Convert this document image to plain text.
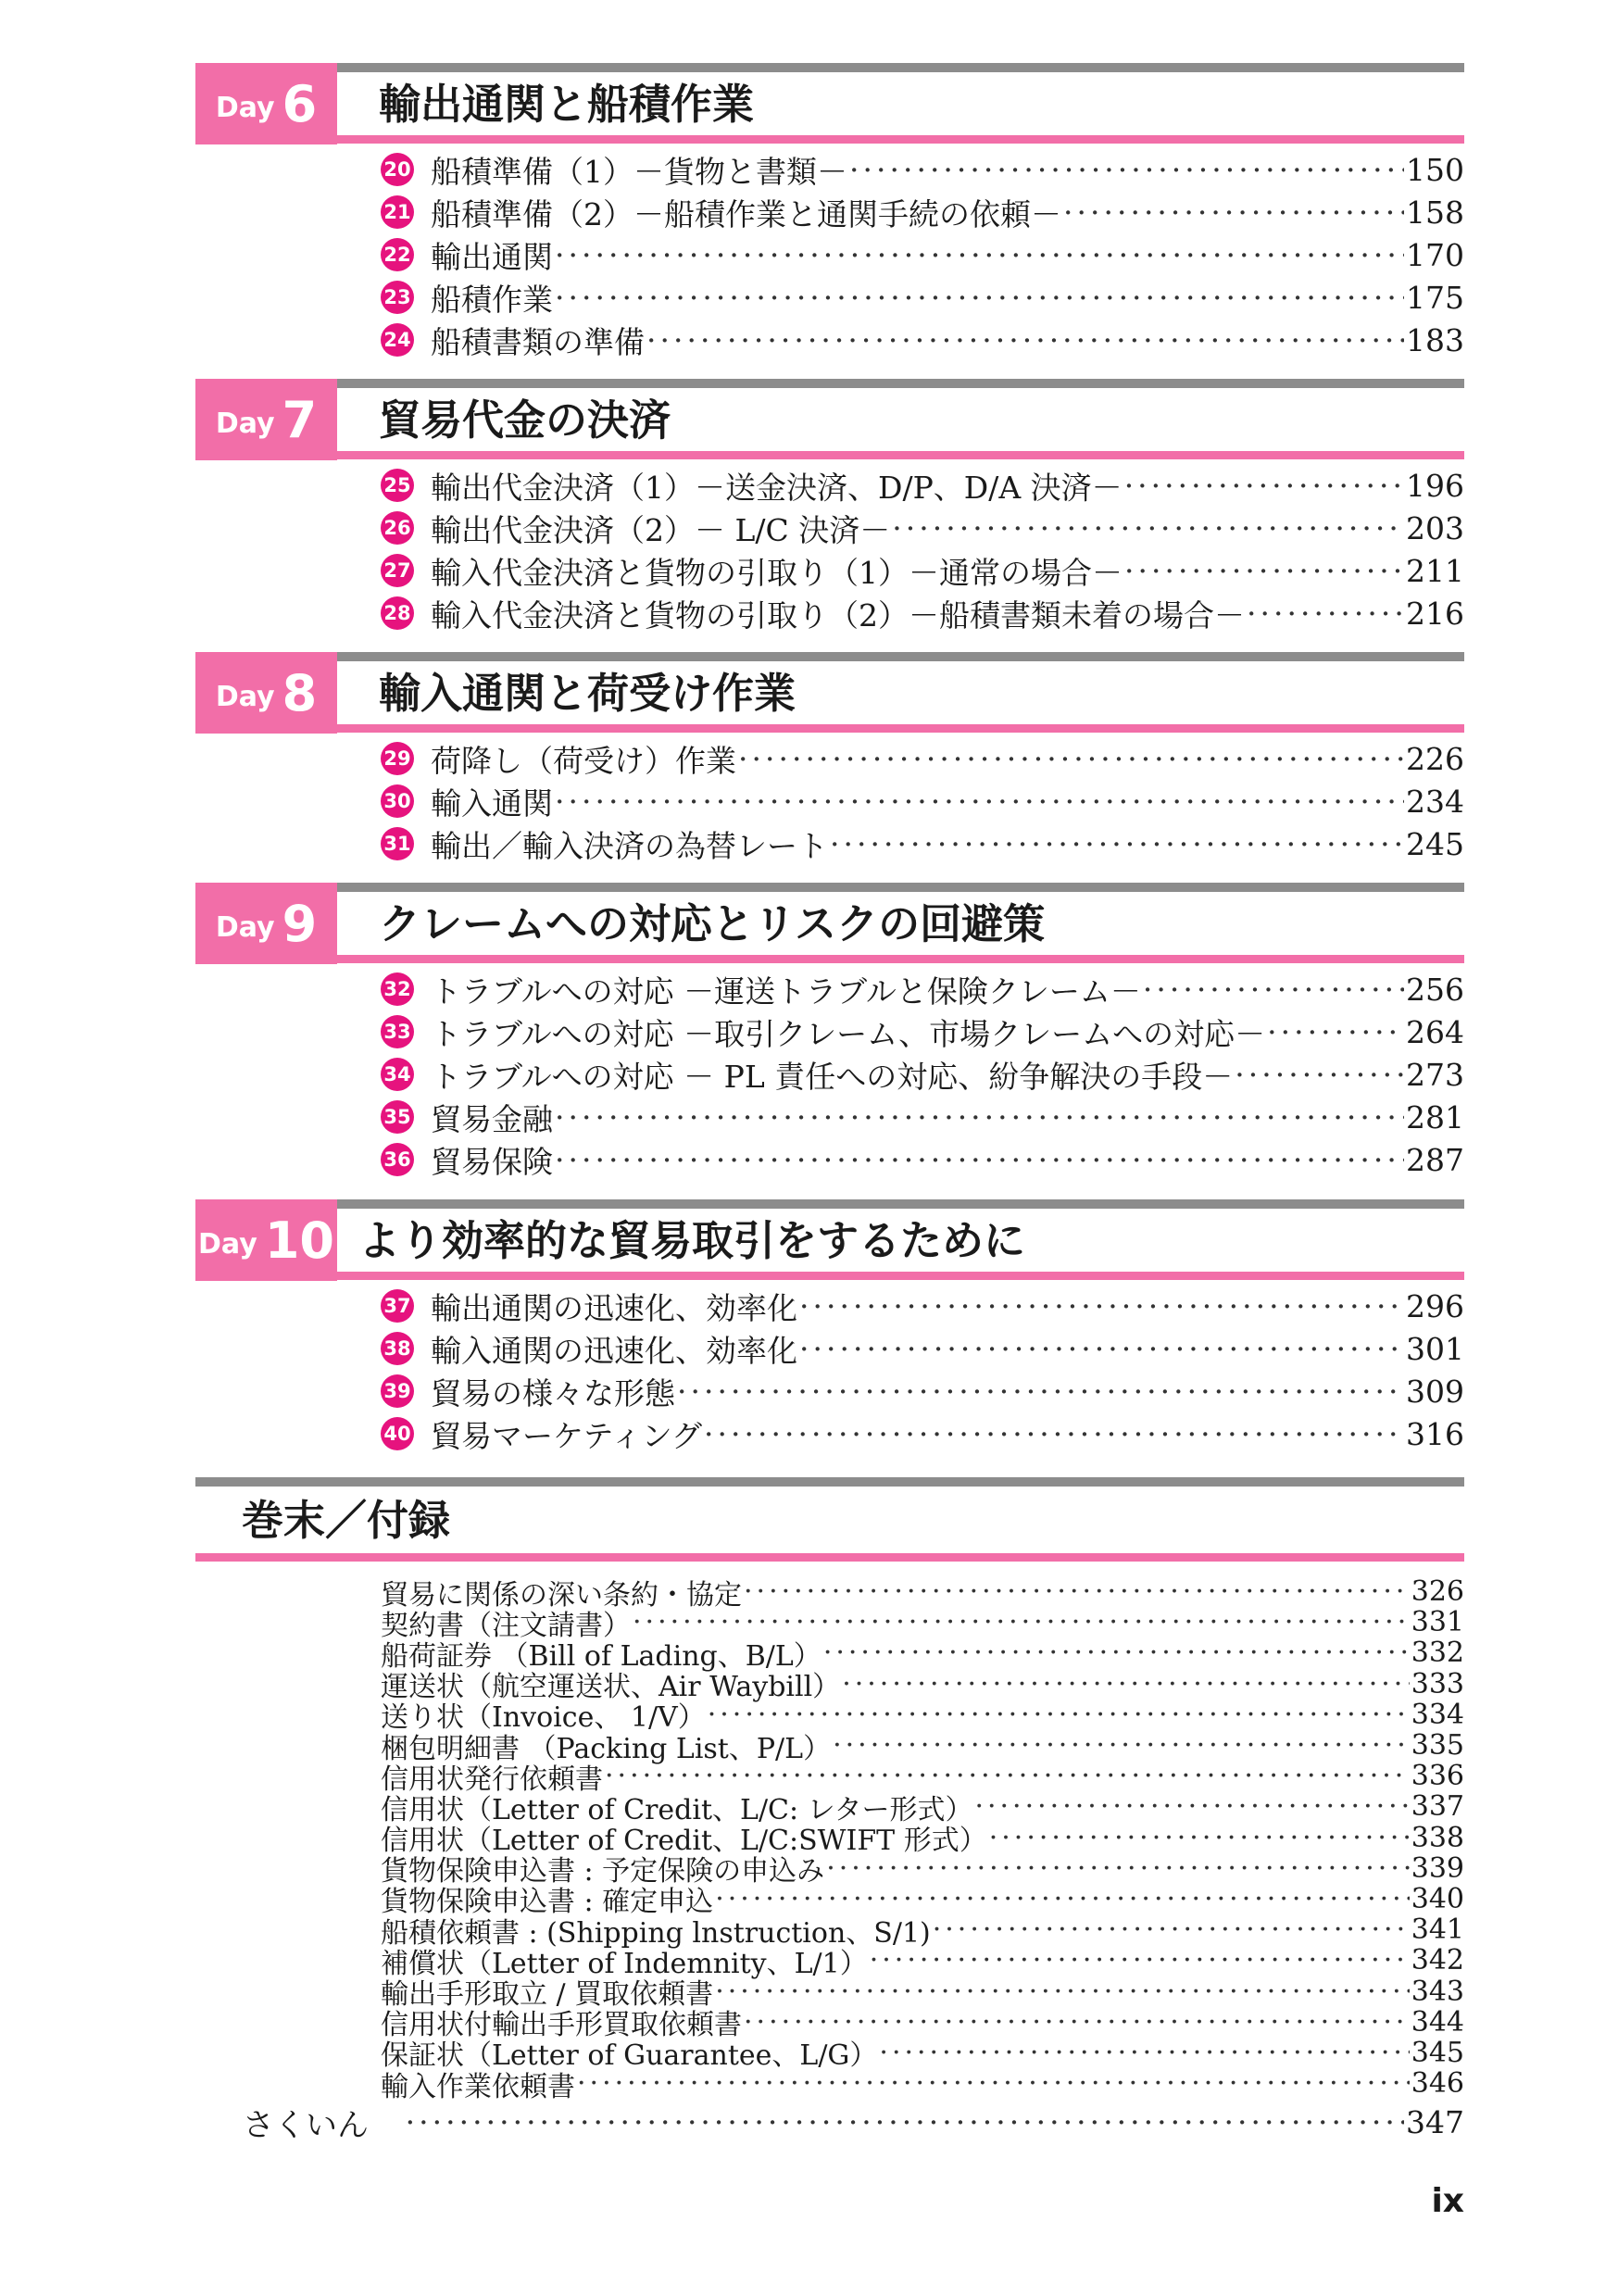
Day 6 輸出通関と船積作業
20 船積準備（1）－貨物と書類－ ·····	150
21 船積準備（2）－船積作業と通関手続の依頼－ ·····	158
22 輸出通関 ·····	170
23 船積作業 ·····	175
24 船積書類の準備 ·····	183
Day 7 貿易代金の決済
25 輸出代金決済（1）－送金決済、D/P、D/A 決済－ ·····	196
26 輸出代金決済（2）－ L/C 決済－ ·····	203
27 輸入代金決済と貨物の引取り（1）－通常の場合－ ·····	211
28 輸入代金決済と貨物の引取り（2）－船積書類未着の場合－ ·····	216
Day 8 輸入通関と荷受け作業
29 荷降し（荷受け）作業 ·····	226
30 輸入通関 ·····	234
31 輸出／輸入決済の為替レート ·····	245
Day 9 クレームへの対応とリスクの回避策
32 トラブルへの対応 －運送トラブルと保険クレーム－ ·····	256
33 トラブルへの対応 －取引クレーム、市場クレームへの対応－ ·····	264
34 トラブルへの対応 － PL 責任への対応、紛争解決の手段－ ·····	273
35 貿易金融 ·····	281
36 貿易保険 ·····	287
Day 10 より効率的な貿易取引をするために
37 輸出通関の迅速化、効率化 ·····	296
38 輸入通関の迅速化、効率化 ·····	301
39 貿易の様々な形態 ·····	309
40 貿易マーケティング ·····	316
巻末／付録
貿易に関係の深い条約・協定 ·····	326
契約書（注文請書） ·····	331
船荷証券 （Bill of Lading、B/L） ·····	332
運送状（航空運送状、Air Waybill） ·····	333
送り状（Invoice、 1/V） ·····	334
梱包明細書 （Packing List、P/L） ·····	335
信用状発行依頼書 ·····	336
信用状（Letter of Credit、L/C: レター形式） ·····	337
信用状（Letter of Credit、L/C:SWIFT 形式） ·····	338
貨物保険申込書 : 予定保険の申込み ·····	339
貨物保険申込書 : 確定申込 ·····	340
船積依頼書 : (Shipping lnstruction、S/1) ·····	341
補償状（Letter of Indemnity、L/1） ·····	342
輸出手形取立 / 買取依頼書 ·····	343
信用状付輸出手形買取依頼書 ·····	344
保証状（Letter of Guarantee、L/G） ·····	345
輸入作業依頼書 ·····	346
さくいん ·····	347
ix
